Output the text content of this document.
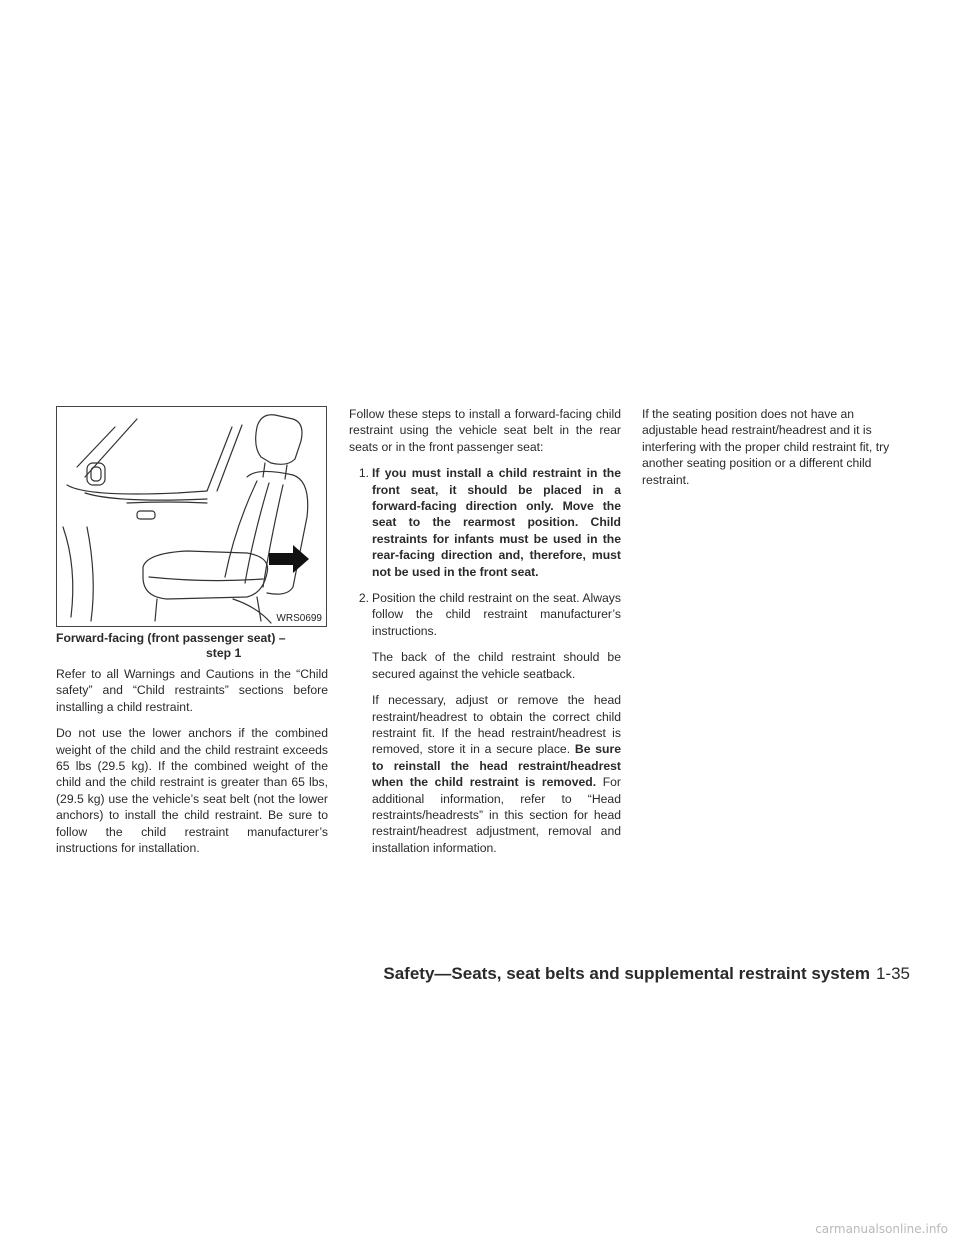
WRS0699
Forward-facing (front passenger seat) –
step 1

Refer to all Warnings and Cautions in the “Child safety” and “Child restraints” sections before installing a child restraint.

Do not use the lower anchors if the combined weight of the child and the child restraint exceeds 65 lbs (29.5 kg). If the combined weight of the child and the child restraint is greater than 65 lbs, (29.5 kg) use the vehicle’s seat belt (not the lower anchors) to install the child restraint. Be sure to follow the child restraint manufacturer’s instructions for installation.

Follow these steps to install a forward-facing child restraint using the vehicle seat belt in the rear seats or in the front passenger seat:

1. If you must install a child restraint in the front seat, it should be placed in a forward-facing direction only. Move the seat to the rearmost position. Child restraints for infants must be used in the rear-facing direction and, therefore, must not be used in the front seat.
2. Position the child restraint on the seat. Always follow the child restraint manufacturer’s instructions.

The back of the child restraint should be secured against the vehicle seatback.

If necessary, adjust or remove the head restraint/headrest to obtain the correct child restraint fit. If the head restraint/headrest is removed, store it in a secure place. Be sure to reinstall the head restraint/headrest when the child restraint is removed. For additional information, refer to “Head restraints/headrests” in this section for head restraint/headrest adjustment, removal and installation information.

If the seating position does not have an adjustable head restraint/headrest and it is interfering with the proper child restraint fit, try another seating position or a different child restraint.

Safety—Seats, seat belts and supplemental restraint system 1-35
carmanualsonline.info
